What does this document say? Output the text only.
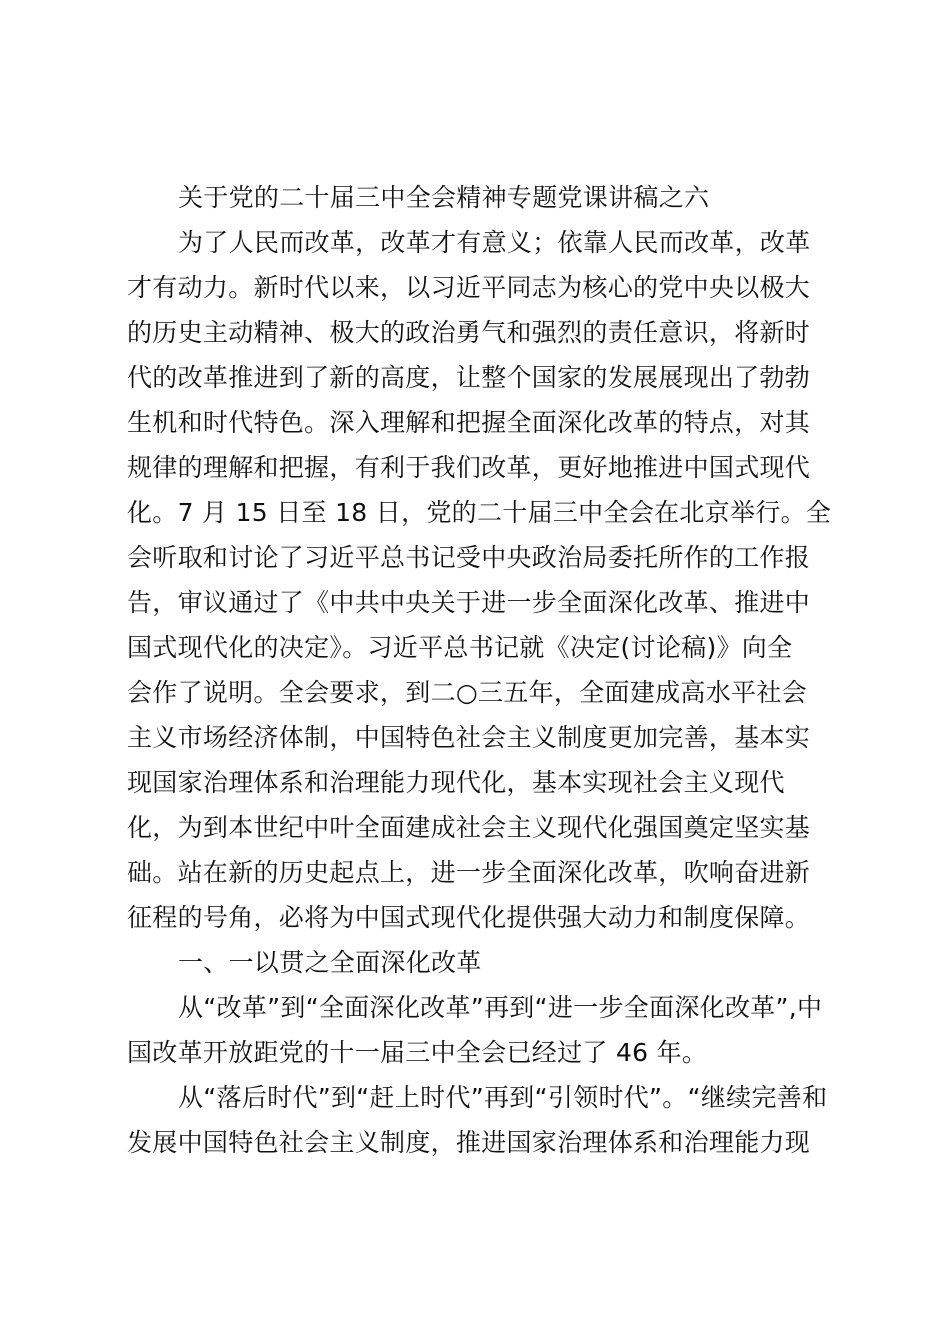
关于党的二十届三中全会精神专题党课讲稿之六
为了人民而改革，改革才有意义；依靠人民而改革，改革
才有动力。新时代以来，以习近平同志为核心的党中央以极大
的历史主动精神、极大的政治勇气和强烈的责任意识，将新时
代的改革推进到了新的高度，让整个国家的发展展现出了勃勃
生机和时代特色。深入理解和把握全面深化改革的特点，对其
规律的理解和把握，有利于我们改革，更好地推进中国式现代
化。7 月 15 日至 18 日，党的二十届三中全会在北京举行。全
会听取和讨论了习近平总书记受中央政治局委托所作的工作报
告，审议通过了《中共中央关于进一步全面深化改革、推进中
国式现代化的决定》。习近平总书记就《决定(讨论稿)》向全
会作了说明。全会要求，到二○三五年，全面建成高水平社会
主义市场经济体制，中国特色社会主义制度更加完善，基本实
现国家治理体系和治理能力现代化，基本实现社会主义现代
化，为到本世纪中叶全面建成社会主义现代化强国奠定坚实基
础。站在新的历史起点上，进一步全面深化改革，吹响奋进新
征程的号角，必将为中国式现代化提供强大动力和制度保障。
一、一以贯之全面深化改革
从“改革”到“全面深化改革”再到“进一步全面深化改革”,中
国改革开放距党的十一届三中全会已经过了 46 年。
从“落后时代”到“赶上时代”再到“引领时代”。“继续完善和
发展中国特色社会主义制度，推进国家治理体系和治理能力现
